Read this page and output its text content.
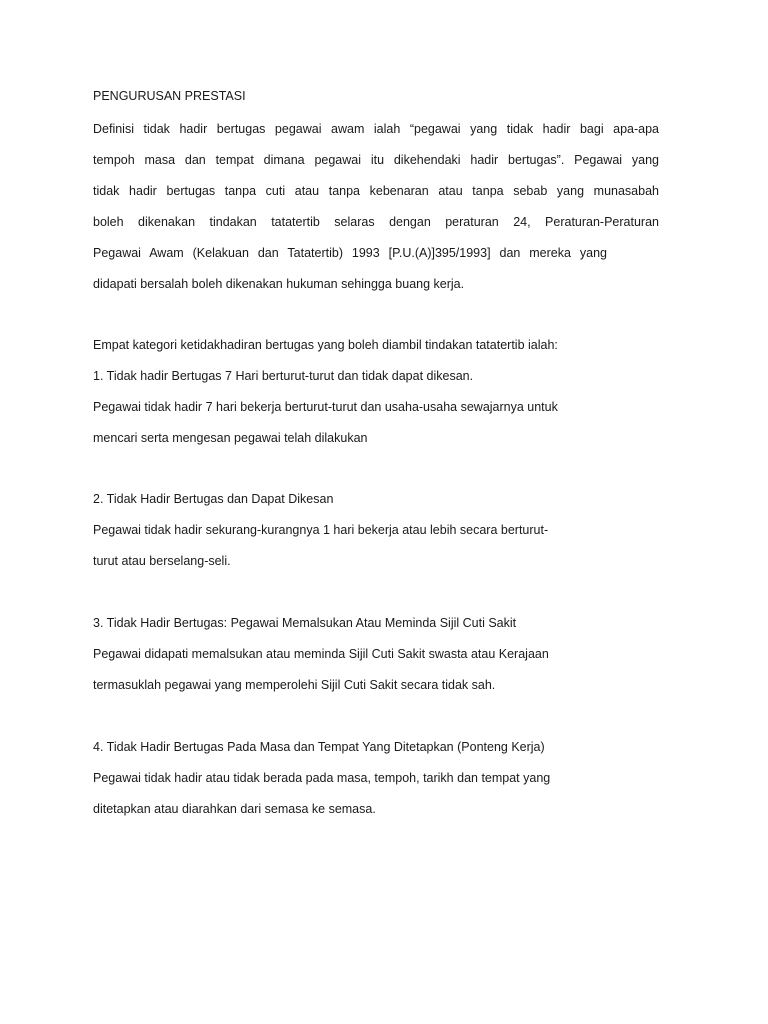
PENGURUSAN PRESTASI
Definisi tidak hadir bertugas pegawai awam ialah “pegawai yang tidak hadir bagi apa-apa
tempoh masa dan tempat dimana pegawai itu dikehendaki hadir bertugas”. Pegawai yang
tidak hadir bertugas tanpa cuti atau tanpa kebenaran atau tanpa sebab yang munasabah
boleh dikenakan tindakan tatatertib selaras dengan peraturan 24, Peraturan-Peraturan
Pegawai Awam (Kelakuan dan Tatatertib) 1993 [P.U.(A)]395/1993] dan mereka yang
didapati bersalah boleh dikenakan hukuman sehingga buang kerja.
Empat kategori ketidakhadiran bertugas yang boleh diambil tindakan tatatertib ialah:
1. Tidak hadir Bertugas 7 Hari berturut-turut dan tidak dapat dikesan.
Pegawai tidak hadir 7 hari bekerja berturut-turut dan usaha-usaha sewajarnya untuk
mencari serta mengesan pegawai telah dilakukan
2. Tidak Hadir Bertugas dan Dapat Dikesan
Pegawai tidak hadir sekurang-kurangnya 1 hari bekerja atau lebih secara berturut-
turut atau berselang-seli.
3. Tidak Hadir Bertugas: Pegawai Memalsukan Atau Meminda Sijil Cuti Sakit
Pegawai didapati memalsukan atau meminda Sijil Cuti Sakit swasta atau Kerajaan
termasuklah pegawai yang memperolehi Sijil Cuti Sakit secara tidak sah.
4. Tidak Hadir Bertugas Pada Masa dan Tempat Yang Ditetapkan (Ponteng Kerja)
Pegawai tidak hadir atau tidak berada pada masa, tempoh, tarikh dan tempat yang
ditetapkan atau diarahkan dari semasa ke semasa.
